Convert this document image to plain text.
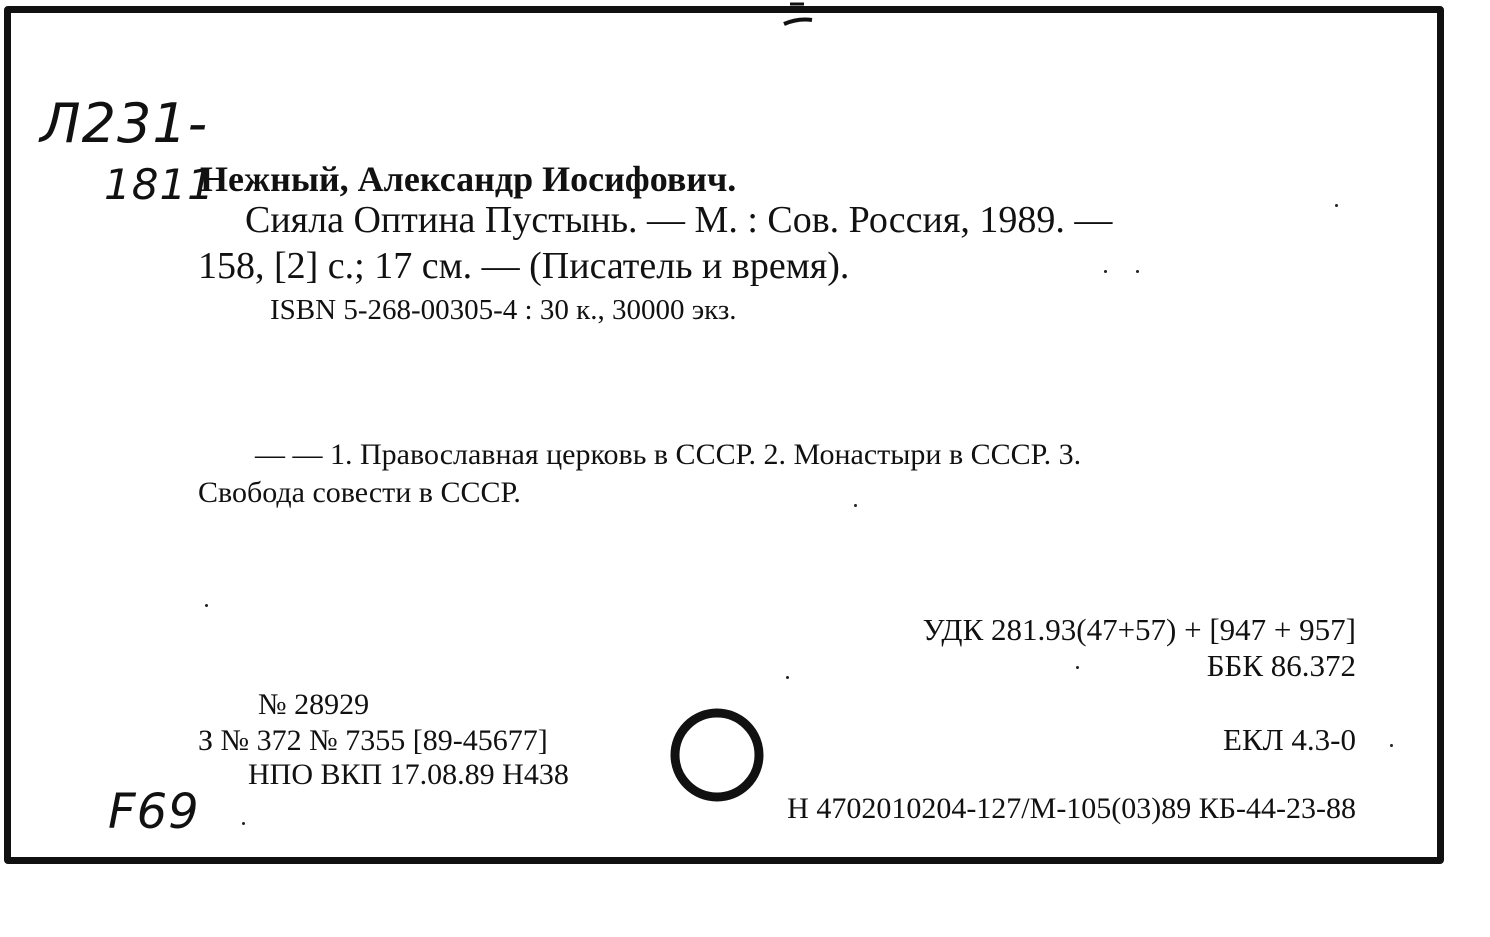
Л231-
1811
F69
Нежный, Александр Иосифович.
Сияла Оптина Пустынь. — М. : Сов. Россия, 1989. —
158, [2] с.; 17 см. — (Писатель и время).
ISBN 5-268-00305-4 : 30 к., 30000 экз.
— — 1. Православная церковь в СССР. 2. Монастыри в СССР. 3.
Свобода совести в СССР.
УДК 281.93(47+57) + [947 + 957]
ББК 86.372
ЕКЛ 4.3-0
№ 28929
З № 372 № 7355 [89-45677]
НПО ВКП 17.08.89 Н438
Н 4702010204-127/М-105(03)89 КБ-44-23-88
